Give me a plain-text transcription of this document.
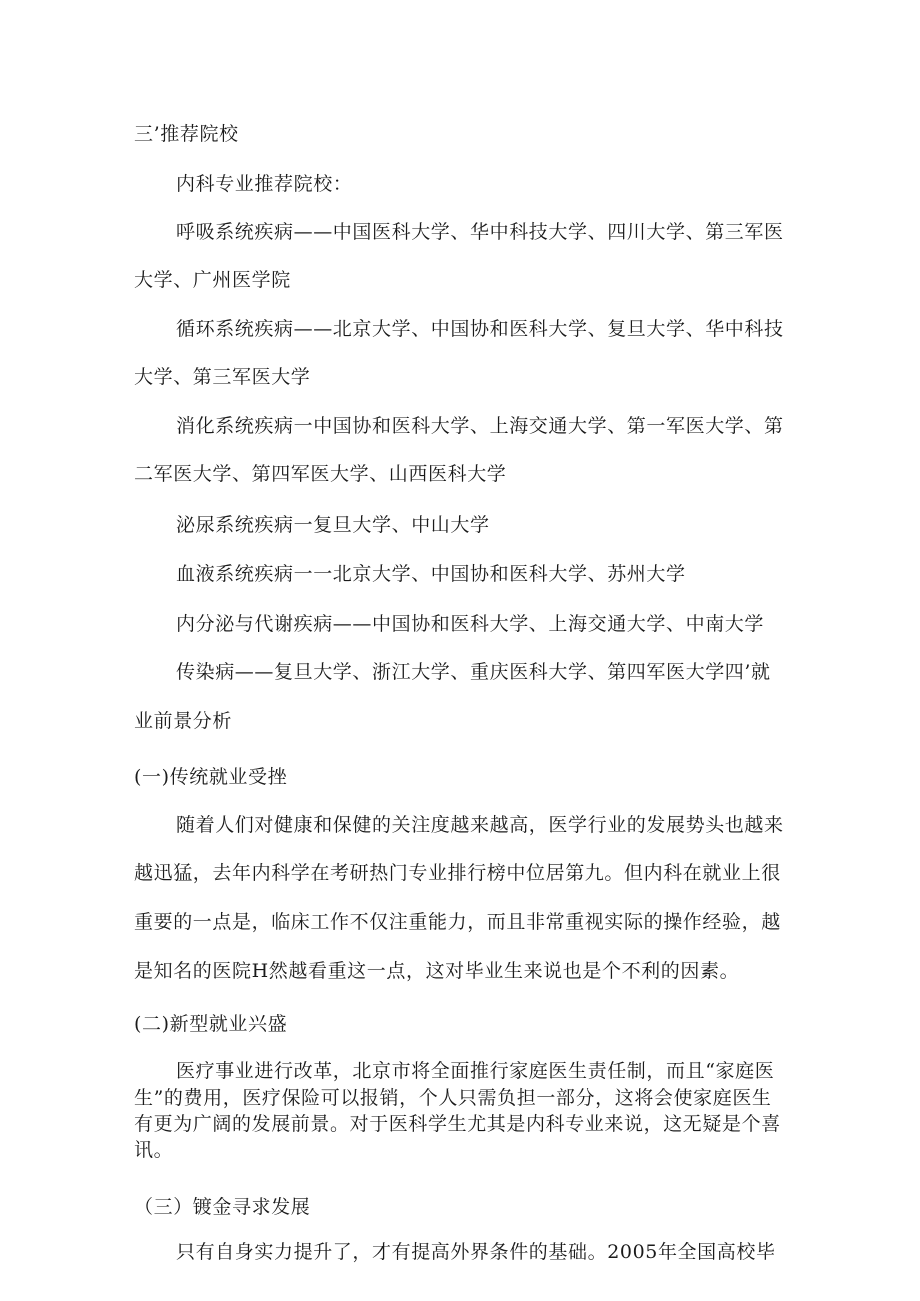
三’推荐院校
内科专业推荐院校：
呼吸系统疾病——中国医科大学、华中科技大学、四川大学、第三军医
大学、广州医学院
循环系统疾病——北京大学、中国协和医科大学、复旦大学、华中科技
大学、第三军医大学
消化系统疾病一中国协和医科大学、上海交通大学、第一军医大学、第
二军医大学、第四军医大学、山西医科大学
泌尿系统疾病一复旦大学、中山大学
血液系统疾病一一北京大学、中国协和医科大学、苏州大学
内分泌与代谢疾病——中国协和医科大学、上海交通大学、中南大学
传染病——复旦大学、浙江大学、重庆医科大学、第四军医大学四’就
业前景分析
(一)传统就业受挫
随着人们对健康和保健的关注度越来越高，医学行业的发展势头也越来
越迅猛，去年内科学在考研热门专业排行榜中位居第九。但内科在就业上很
重要的一点是，临床工作不仅注重能力，而且非常重视实际的操作经验，越
是知名的医院H然越看重这一点，这对毕业生来说也是个不利的因素。
(二)新型就业兴盛
医疗事业进行改革，北京市将全面推行家庭医生责任制，而且“家庭医
生”的费用，医疗保险可以报销，个人只需负担一部分，这将会使家庭医生
有更为广阔的发展前景。对于医科学生尤其是内科专业来说，这无疑是个喜
讯。
（三）镀金寻求发展
只有自身实力提升了，才有提高外界条件的基础。2005年全国高校毕
